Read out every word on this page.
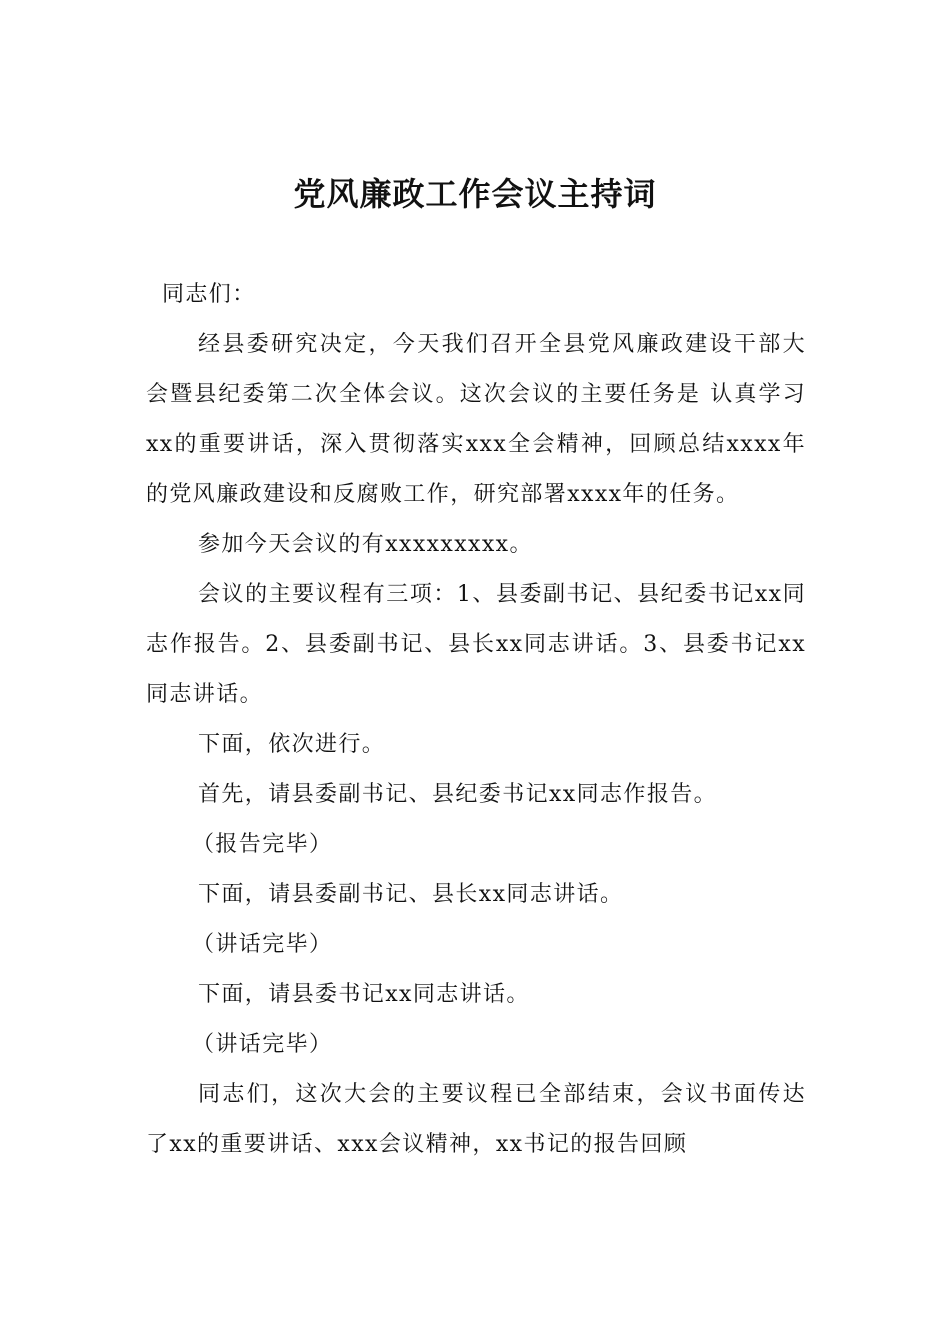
党风廉政工作会议主持词

同志们：

经县委研究决定，今天我们召开全县党风廉政建设干部大会暨县纪委第二次全体会议。这次会议的主要任务是 认真学习xx的重要讲话，深入贯彻落实xxx全会精神，回顾总结xxxx年的党风廉政建设和反腐败工作，研究部署xxxx年的任务。

参加今天会议的有xxxxxxxxx。

会议的主要议程有三项：1、县委副书记、县纪委书记xx同志作报告。2、县委副书记、县长xx同志讲话。3、县委书记xx同志讲话。

下面，依次进行。

首先，请县委副书记、县纪委书记xx同志作报告。

（报告完毕）

下面，请县委副书记、县长xx同志讲话。

（讲话完毕）

下面，请县委书记xx同志讲话。

（讲话完毕）

同志们，这次大会的主要议程已全部结束，会议书面传达了xx的重要讲话、xxx会议精神，xx书记的报告回顾
